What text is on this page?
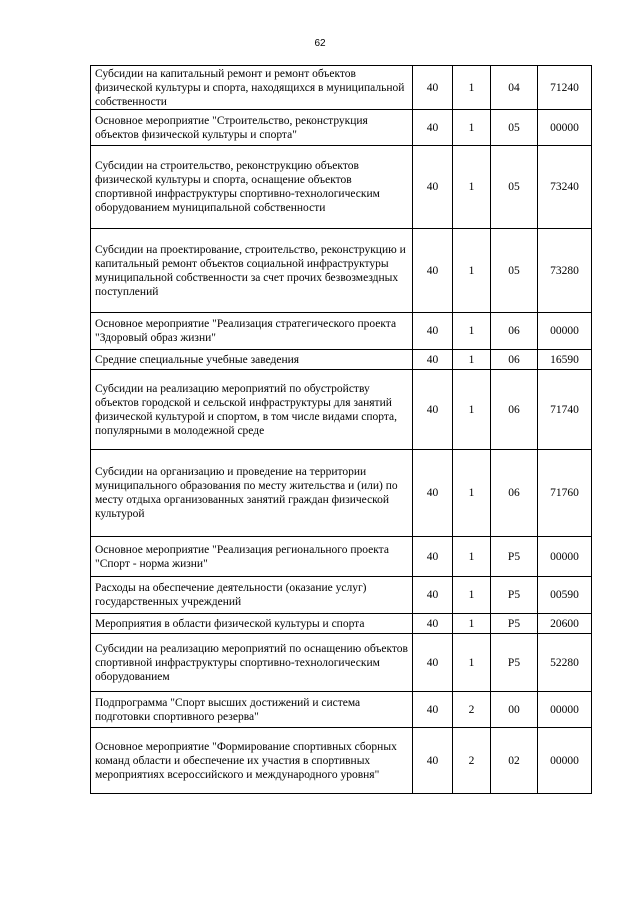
62
Субсидии на капитальный ремонт и ремонт объектов физической культуры и спорта, находящихся в муниципальной собственности	40	1	04	71240
Основное мероприятие "Строительство, реконструкция объектов физической культуры и спорта"	40	1	05	00000
Субсидии на строительство, реконструкцию объектов физической культуры и спорта, оснащение объектов спортивной инфраструктуры спортивно-технологическим оборудованием муниципальной собственности	40	1	05	73240
Субсидии на проектирование, строительство, реконструкцию и капитальный ремонт объектов социальной инфраструктуры муниципальной собственности за счет прочих безвозмездных поступлений	40	1	05	73280
Основное мероприятие "Реализация стратегического проекта "Здоровый образ жизни"	40	1	06	00000
Средние специальные учебные заведения	40	1	06	16590
Субсидии на реализацию мероприятий по обустройству объектов городской и сельской инфраструктуры для занятий физической культурой и спортом, в том числе видами спорта, популярными в молодежной среде	40	1	06	71740
Субсидии на организацию и проведение на территории муниципального образования по месту жительства и (или) по месту отдыха организованных занятий граждан физической культурой	40	1	06	71760
Основное мероприятие "Реализация регионального проекта "Спорт - норма жизни"	40	1	P5	00000
Расходы на обеспечение деятельности (оказание услуг) государственных учреждений	40	1	P5	00590
Мероприятия в области физической культуры и спорта	40	1	P5	20600
Субсидии на реализацию мероприятий по оснащению объектов спортивной инфраструктуры спортивно-технологическим оборудованием	40	1	P5	52280
Подпрограмма "Спорт высших достижений и система подготовки спортивного резерва"	40	2	00	00000
Основное мероприятие "Формирование спортивных сборных команд области и обеспечение их участия в спортивных мероприятиях всероссийского и международного уровня"	40	2	02	00000
